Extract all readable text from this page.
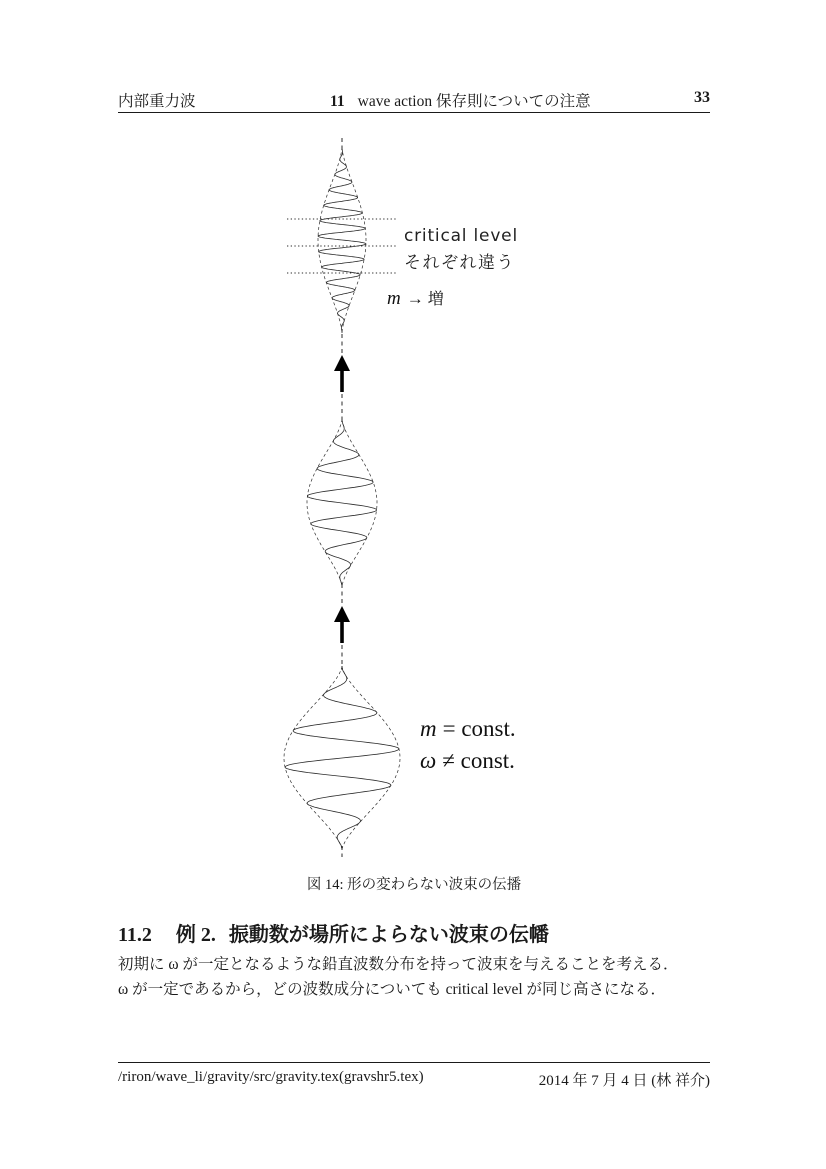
内部重力波	11 wave action 保存則についての注意	33
critical level
それぞれ違う
m → 増
m = const.
ω ≠ const.
図 14: 形の変わらない波束の伝播
11.2 例 2. 振動数が場所によらない波束の伝幡
初期に ω が一定となるような鉛直波数分布を持って波束を与えることを考える．
ω が一定であるから，どの波数成分についても critical level が同じ高さになる．
/riron/wave_li/gravity/src/gravity.tex(gravshr5.tex)	2014 年 7 月 4 日 (林 祥介)
